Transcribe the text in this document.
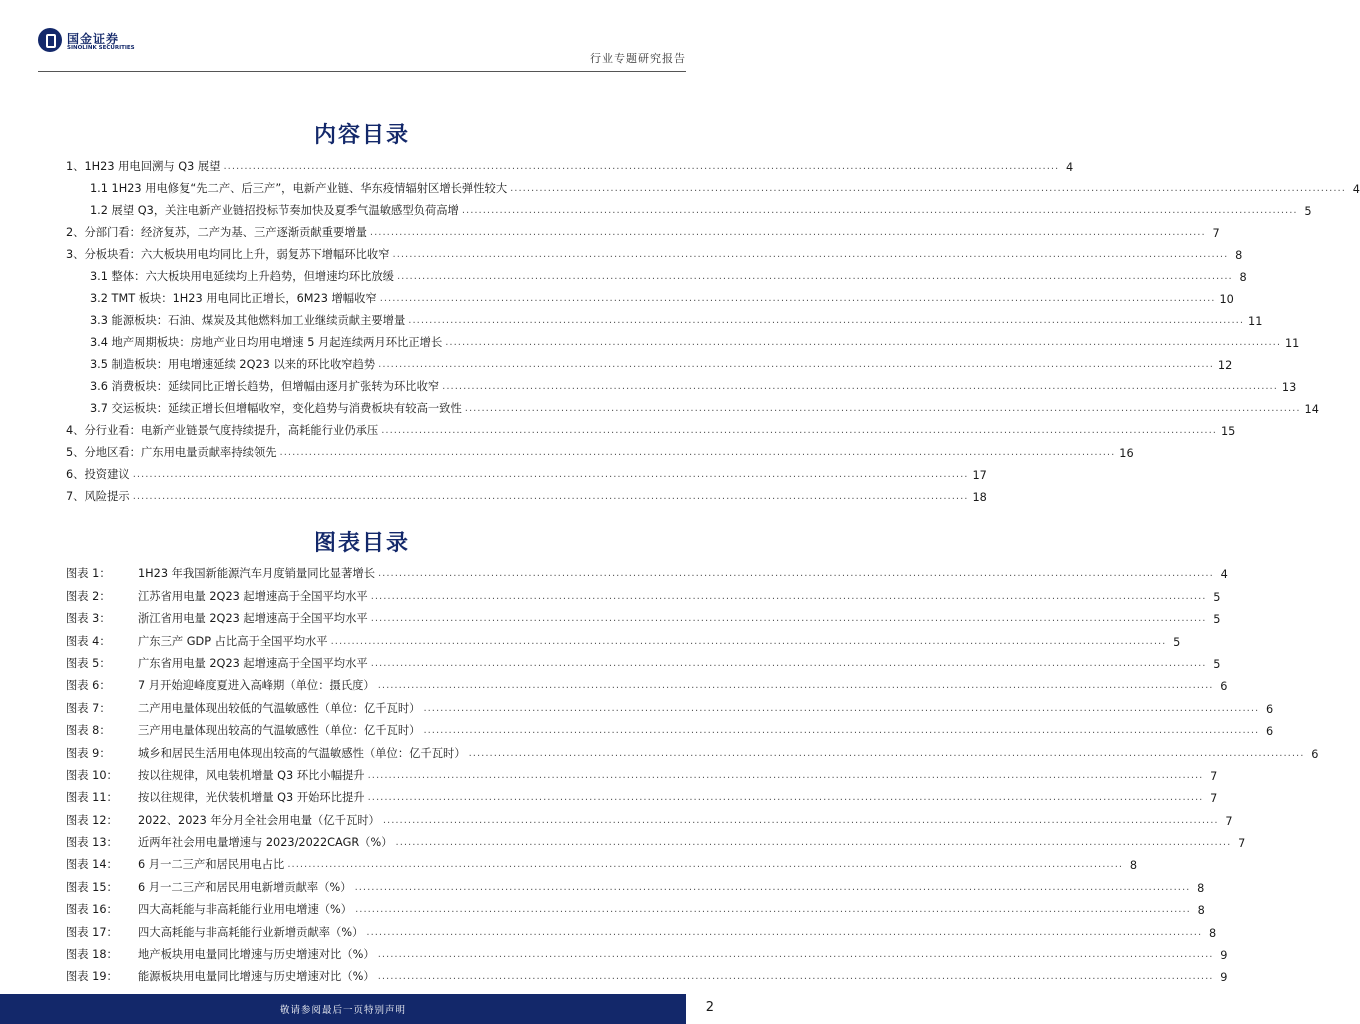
国金证券
SINOLINK SECURITIES
行业专题研究报告
内容目录
1、1H23 用电回溯与 Q3 展望 ........................................................................................................................................................................................................ 4
1.1 1H23 用电修复“先二产、后三产”，电新产业链、华东疫情辐射区增长弹性较大 ........................................................................................................................................................................................................ 4
1.2 展望 Q3，关注电新产业链招投标节奏加快及夏季气温敏感型负荷高增 ........................................................................................................................................................................................................ 5
2、分部门看：经济复苏，二产为基、三产逐渐贡献重要增量 ........................................................................................................................................................................................................ 7
3、分板块看：六大板块用电均同比上升，弱复苏下增幅环比收窄 ........................................................................................................................................................................................................ 8
3.1 整体：六大板块用电延续均上升趋势，但增速均环比放缓 ........................................................................................................................................................................................................ 8
3.2 TMT 板块：1H23 用电同比正增长，6M23 增幅收窄 ........................................................................................................................................................................................................ 10
3.3 能源板块：石油、煤炭及其他燃料加工业继续贡献主要增量 ........................................................................................................................................................................................................ 11
3.4 地产周期板块：房地产业日均用电增速 5 月起连续两月环比正增长 ........................................................................................................................................................................................................ 11
3.5 制造板块：用电增速延续 2Q23 以来的环比收窄趋势 ........................................................................................................................................................................................................ 12
3.6 消费板块：延续同比正增长趋势，但增幅由逐月扩张转为环比收窄 ........................................................................................................................................................................................................ 13
3.7 交运板块：延续正增长但增幅收窄，变化趋势与消费板块有较高一致性 ........................................................................................................................................................................................................ 14
4、分行业看：电新产业链景气度持续提升，高耗能行业仍承压 ........................................................................................................................................................................................................ 15
5、分地区看：广东用电量贡献率持续领先 ........................................................................................................................................................................................................ 16
6、投资建议 ........................................................................................................................................................................................................ 17
7、风险提示 ........................................................................................................................................................................................................ 18
图表目录
图表 1：	1H23 年我国新能源汽车月度销量同比显著增长 ........................................................................................................................................................................................................ 4
图表 2：	江苏省用电量 2Q23 起增速高于全国平均水平 ........................................................................................................................................................................................................ 5
图表 3：	浙江省用电量 2Q23 起增速高于全国平均水平 ........................................................................................................................................................................................................ 5
图表 4：	广东三产 GDP 占比高于全国平均水平 ........................................................................................................................................................................................................ 5
图表 5：	广东省用电量 2Q23 起增速高于全国平均水平 ........................................................................................................................................................................................................ 5
图表 6：	7 月开始迎峰度夏进入高峰期（单位：摄氏度） ........................................................................................................................................................................................................ 6
图表 7：	二产用电量体现出较低的气温敏感性（单位：亿千瓦时） ........................................................................................................................................................................................................ 6
图表 8：	三产用电量体现出较高的气温敏感性（单位：亿千瓦时） ........................................................................................................................................................................................................ 6
图表 9：	城乡和居民生活用电体现出较高的气温敏感性（单位：亿千瓦时） ........................................................................................................................................................................................................ 6
图表 10：	按以往规律，风电装机增量 Q3 环比小幅提升 ........................................................................................................................................................................................................ 7
图表 11：	按以往规律，光伏装机增量 Q3 开始环比提升 ........................................................................................................................................................................................................ 7
图表 12：	2022、2023 年分月全社会用电量（亿千瓦时） ........................................................................................................................................................................................................ 7
图表 13：	近两年社会用电量增速与 2023/2022CAGR（%） ........................................................................................................................................................................................................ 7
图表 14：	6 月一二三产和居民用电占比 ........................................................................................................................................................................................................ 8
图表 15：	6 月一二三产和居民用电新增贡献率（%） ........................................................................................................................................................................................................ 8
图表 16：	四大高耗能与非高耗能行业用电增速（%） ........................................................................................................................................................................................................ 8
图表 17：	四大高耗能与非高耗能行业新增贡献率（%） ........................................................................................................................................................................................................ 8
图表 18：	地产板块用电量同比增速与历史增速对比（%） ........................................................................................................................................................................................................ 9
图表 19：	能源板块用电量同比增速与历史增速对比（%） ........................................................................................................................................................................................................ 9
敬请参阅最后一页特别声明	2
